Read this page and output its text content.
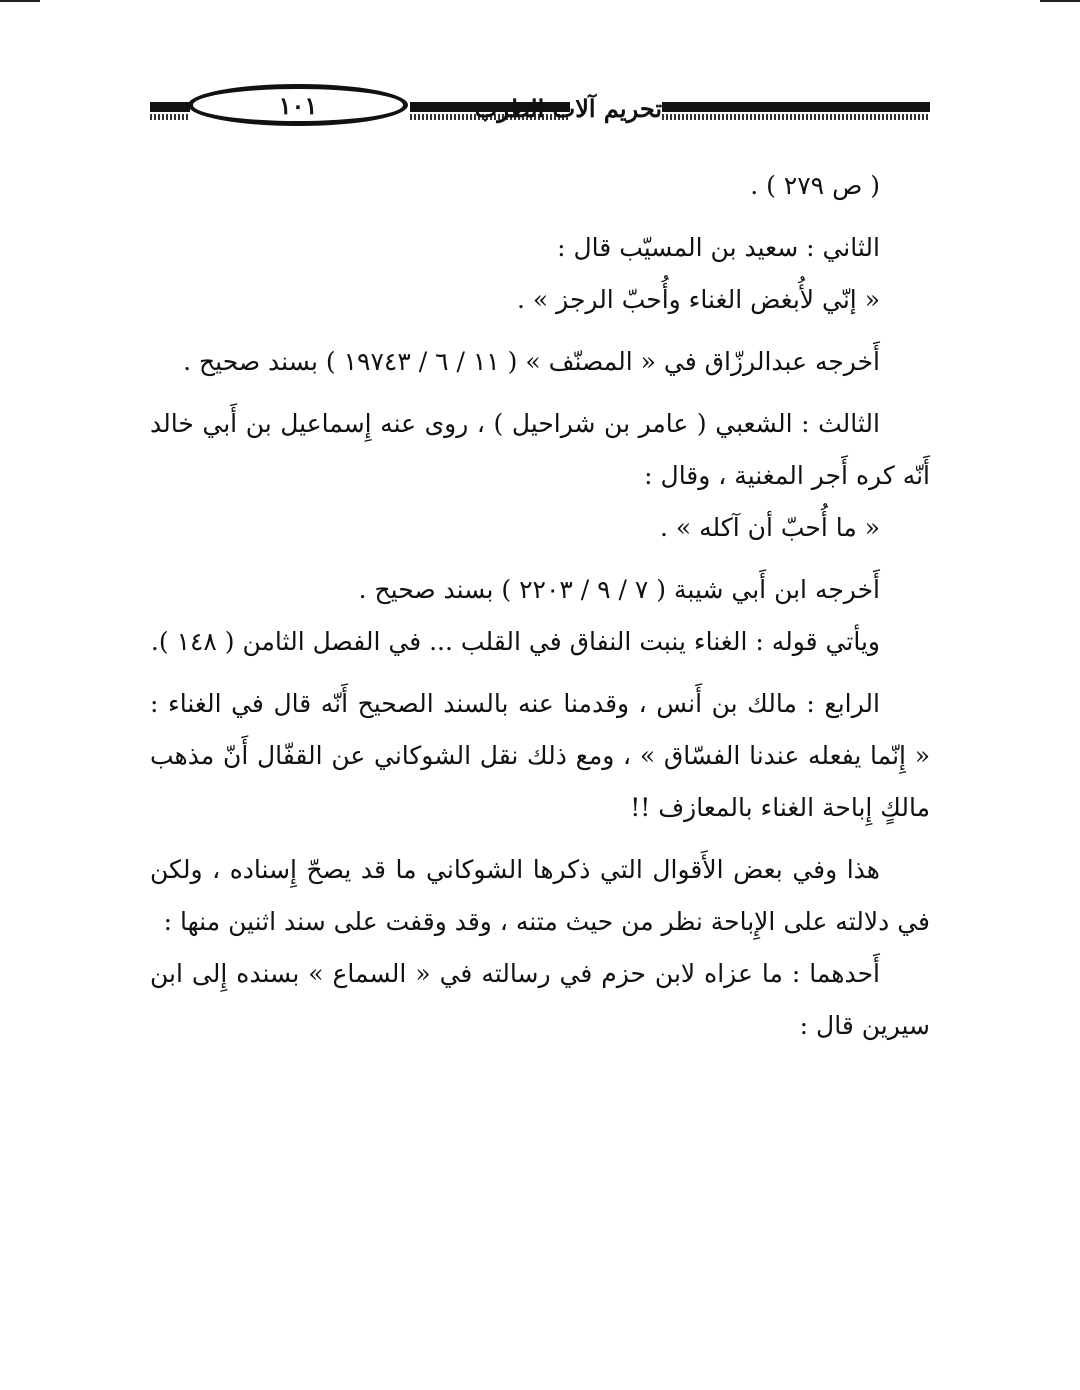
١٠١	تحريم آلات الطرب

( ص ٢٧٩ ) .

الثاني : سعيد بن المسيّب قال :

« إنّي لأُبغض الغناء وأُحبّ الرجز » .

أَخرجه عبدالرزّاق في « المصنّف » ( ١١ / ٦ / ١٩٧٤٣ ) بسند صحيح .

الثالث : الشعبي ( عامر بن شراحيل ) ، روى عنه إِسماعيل بن أَبي خالد أَنّه كره أَجر المغنية ، وقال :

« ما أُحبّ أن آكله » .

أَخرجه ابن أَبي شيبة ( ٧ / ٩ / ٢٢٠٣ ) بسند صحيح .

ويأتي قوله : الغناء ينبت النفاق في القلب ... في الفصل الثامن ( ١٤٨ ).

الرابع : مالك بن أَنس ، وقدمنا عنه بالسند الصحيح أَنّه قال في الغناء : « إِنّما يفعله عندنا الفسّاق » ، ومع ذلك نقل الشوكاني عن القفّال أَنّ مذهب مالكٍ إِباحة الغناء بالمعازف !!

هذا وفي بعض الأَقوال التي ذكرها الشوكاني ما قد يصحّ إِسناده ، ولكن في دلالته على الإِباحة نظر من حيث متنه ، وقد وقفت على سند اثنين منها :

أَحدهما : ما عزاه لابن حزم في رسالته في « السماع » بسنده إِلى ابن سيرين قال :
